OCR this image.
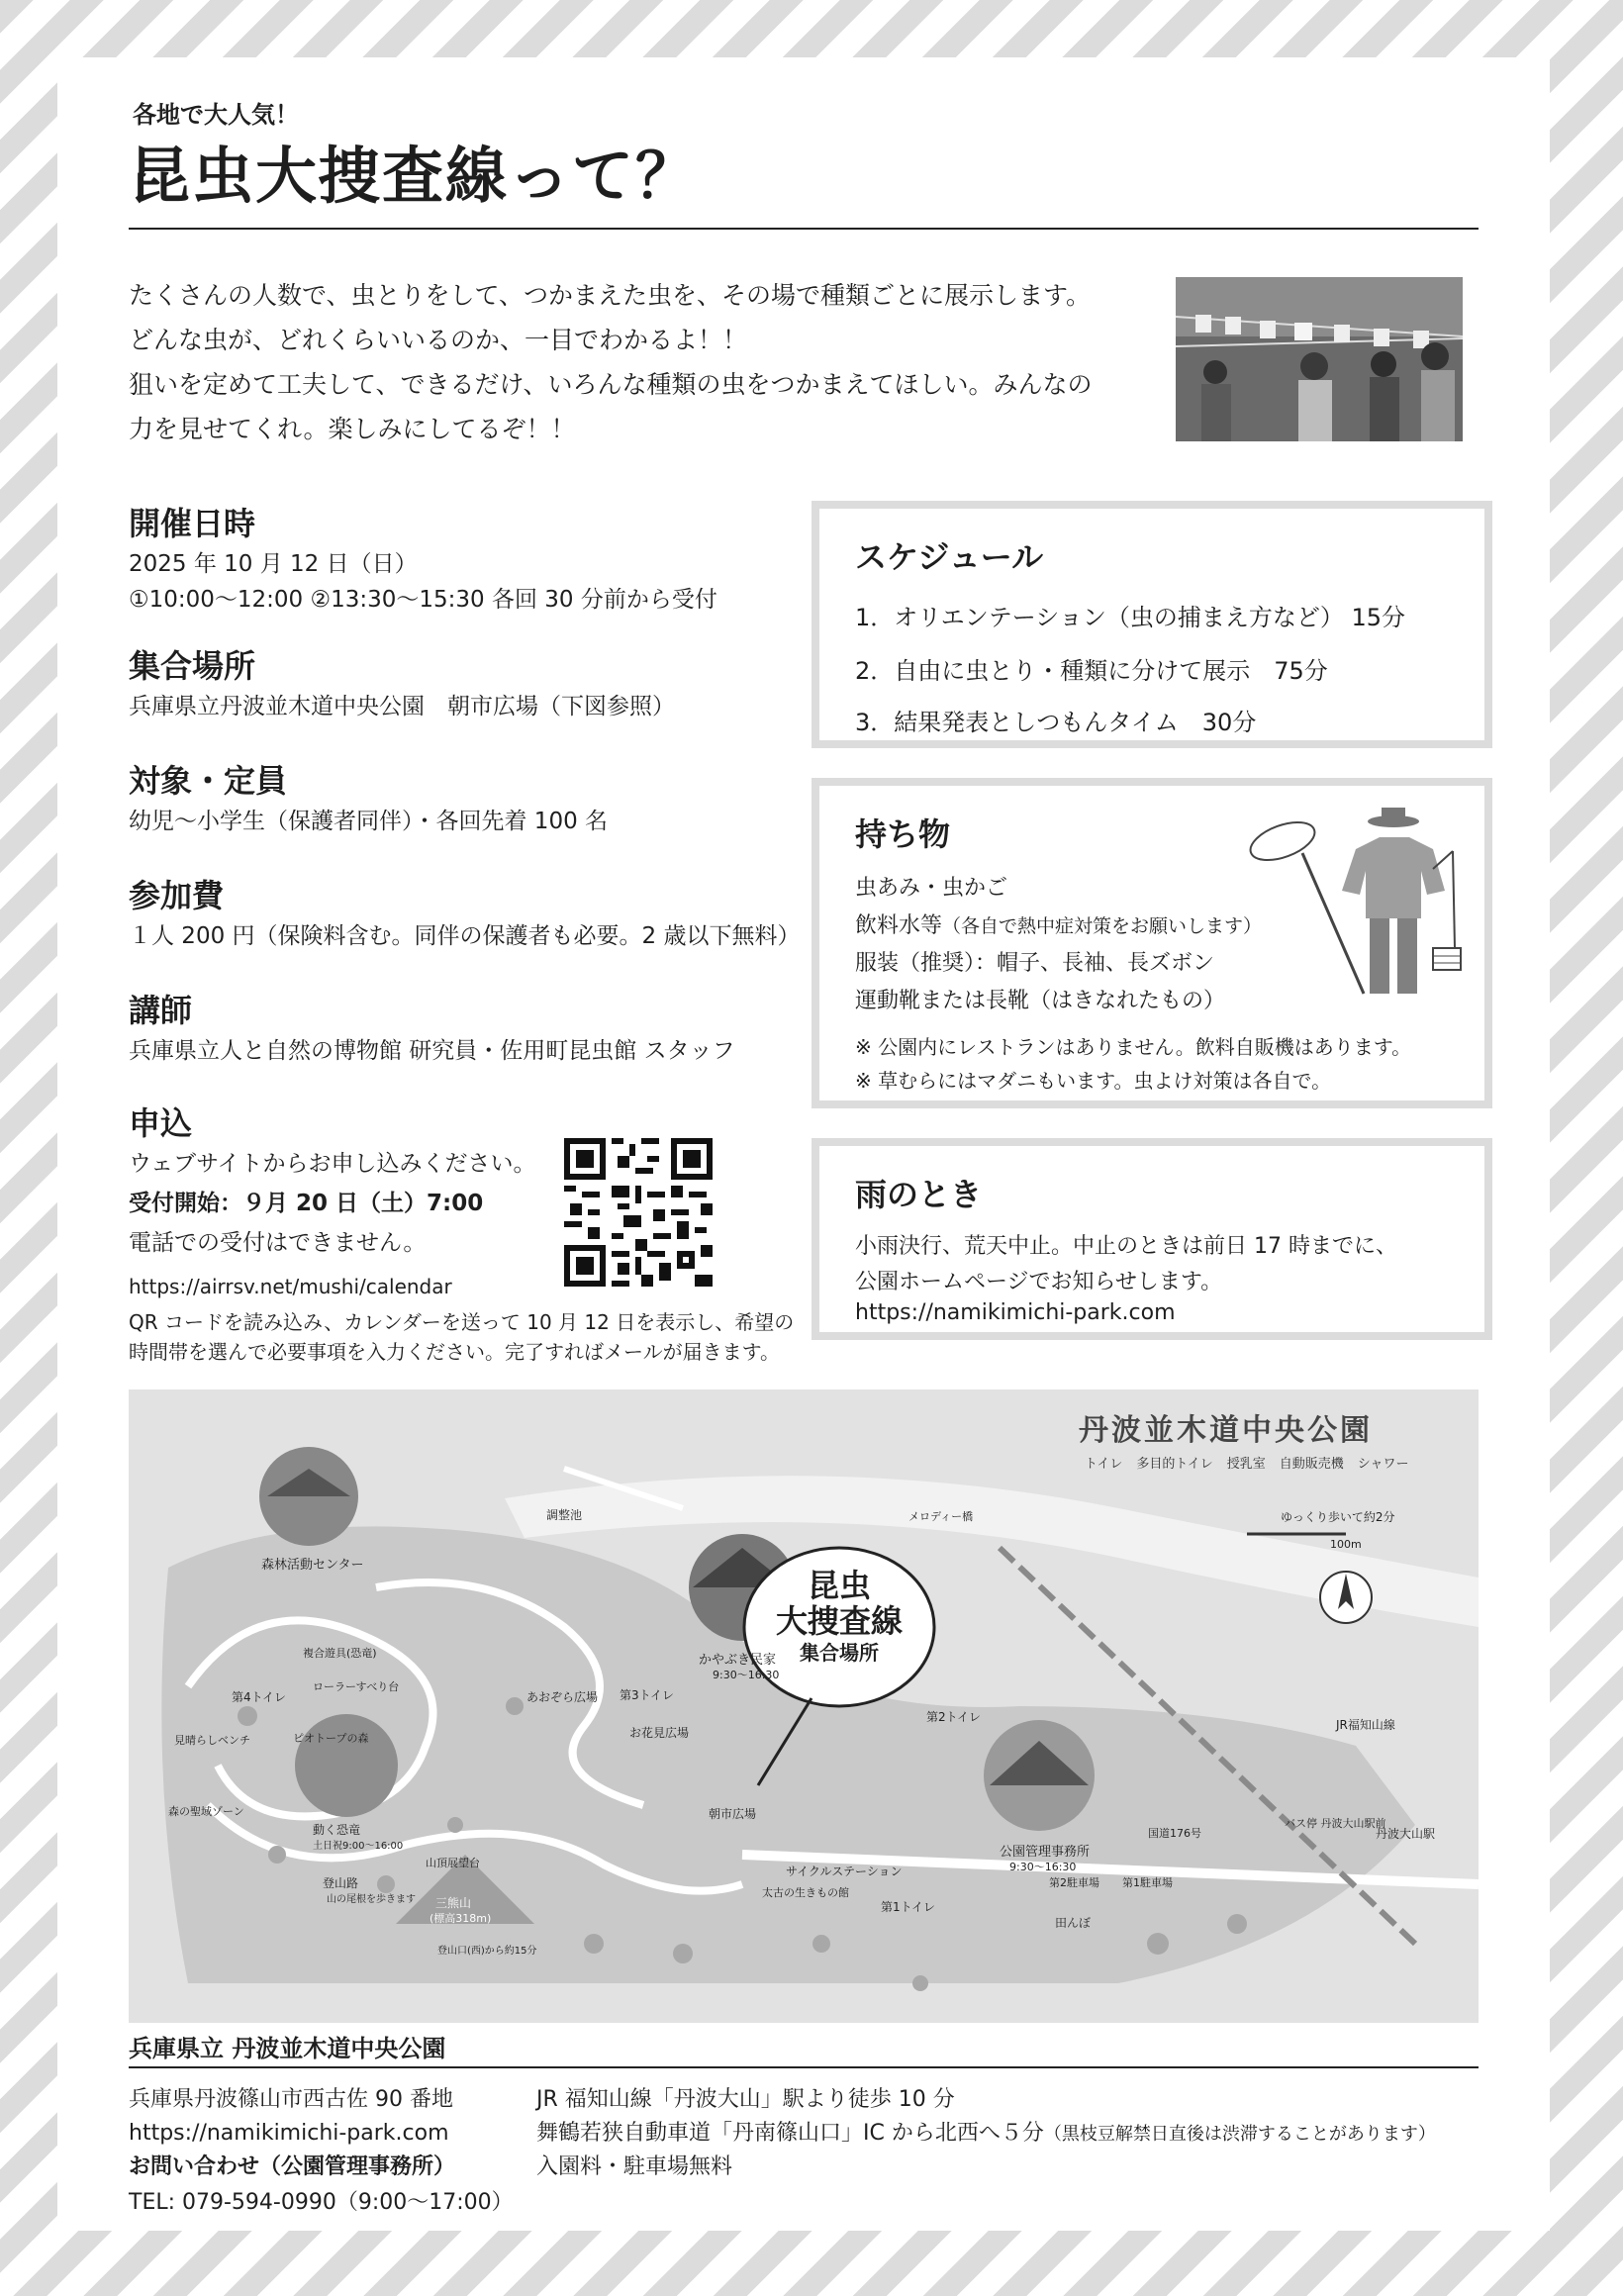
各地で大人気！
昆虫大捜査線って？

たくさんの人数で、虫とりをして、つかまえた虫を、その場で種類ごとに展示します。

どんな虫が、どれくらいいるのか、一目でわかるよ！！

狙いを定めて工夫して、できるだけ、いろんな種類の虫をつかまえてほしい。みんなの

力を見せてくれ。楽しみにしてるぞ！！

開催日時
2025 年 10 月 12 日（日）
①10:00～12:00 ②13:30～15:30 各回 30 分前から受付
集合場所
兵庫県立丹波並木道中央公園　朝市広場（下図参照）
対象・定員
幼児～小学生（保護者同伴）・各回先着 100 名
参加費
１人 200 円（保険料含む。同伴の保護者も必要。2 歳以下無料）
講師
兵庫県立人と自然の博物館 研究員・佐用町昆虫館 スタッフ
申込
ウェブサイトからお申し込みください。
受付開始：９月 20 日（土）7:00
電話での受付はできません。
https://airrsv.net/mushi/calendar
QR コードを読み込み、カレンダーを送って 10 月 12 日を表示し、希望の
時間帯を選んで必要事項を入力ください。完了すればメールが届きます。
スケジュール
1．オリエンテーション（虫の捕まえ方など） 15分
2．自由に虫とり・種類に分けて展示　75分
3．結果発表としつもんタイム　30分
持ち物
虫あみ・虫かご
飲料水等（各自で熱中症対策をお願いします）
服装（推奨）：帽子、長袖、長ズボン
運動靴または長靴（はきなれたもの）
※ 公園内にレストランはありません。飲料自販機はあります。
※ 草むらにはマダニもいます。虫よけ対策は各自で。
雨のとき
小雨決行、荒天中止。中止のときは前日 17 時までに、
公園ホームページでお知らせします。
https://namikimichi-park.com
丹波並木道中央公園
トイレ 多目的トイレ 授乳室 自動販売機 シャワー
ゆっくり歩いて約2分
100m
昆虫
大捜査線
集合場所
森林活動センター
かやぶき民家
9:30～16:30
公園管理事務所
9:30～16:30
朝市広場
サイクルステーション
三熊山
(標高318m)
登山口(西)から約15分
動く恐竜
土日祝9:00～16:00
丹波大山駅
バス停 丹波大山駅前
お花見広場
あおぞら広場
田んぼ
JR福知山線
メロディー橋
第1トイレ
第2トイレ
第3トイレ
第4トイレ
調整池
ローラーすべり台
ピオトープの森
見晴らしベンチ
森の聖域ゾーン
複合遊具(恐竜)
登山路
山の尾根を歩きます
山頂展望台
太古の生きもの館
国道176号
第2駐車場 第1駐車場
兵庫県立 丹波並木道中央公園
兵庫県丹波篠山市西古佐 90 番地
https://namikimichi-park.com
お問い合わせ（公園管理事務所）
TEL: 079-594-0990（9:00～17:00）
JR 福知山線「丹波大山」駅より徒歩 10 分
舞鶴若狭自動車道「丹南篠山口」IC から北西へ５分（黒枝豆解禁日直後は渋滞することがあります）
入園料・駐車場無料
